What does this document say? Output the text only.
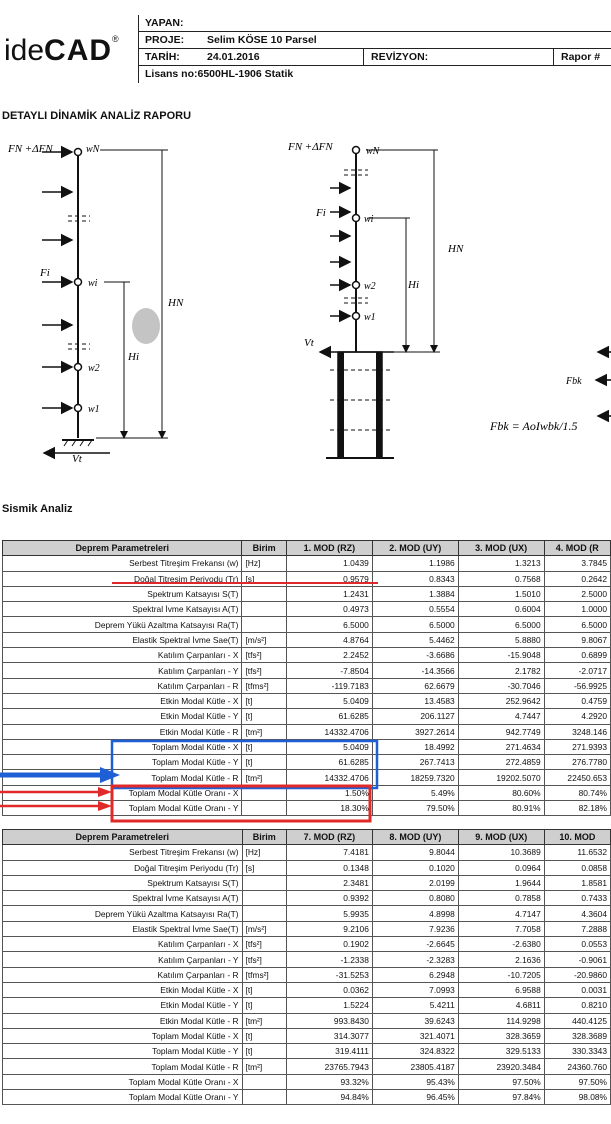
ideCAD®
YAPAN:
PROJE: Selim KÖSE 10 Parsel
TARİH:	24.01.2016	REVİZYON:	Rapor #
Lisans no:6500HL-1906 Statik
DETAYLI DİNAMİK ANALİZ RAPORU
FN +ΔFN	wN
Fi
wi
w2
w1
HN
Hi
Vt
FN +ΔFN	wN
Fi
wi
w2
w1
HN
Hi
Vt
Fbk
Fbk = AoIwbk/1.5
Sismik Analiz
Deprem Parametreleri	Birim	1. MOD (RZ)	2. MOD (UY)	3. MOD (UX)	4. MOD (R
Serbest Titreşim Frekansı (w)	[Hz]	1.0439	1.1986	1.3213	3.7845
Doğal Titreşim Periyodu (Tr)	[s]	0.9579	0.8343	0.7568	0.2642
Spektrum Katsayısı S(T)		1.2431	1.3884	1.5010	2.5000
Spektral İvme Katsayısı A(T)		0.4973	0.5554	0.6004	1.0000
Deprem Yükü Azaltma Katsayısı Ra(T)		6.5000	6.5000	6.5000	6.5000
Elastik Spektral İvme Sae(T)	[m/s²]	4.8764	5.4462	5.8880	9.8067
Katılım Çarpanları - X	[tfs²]	2.2452	-3.6686	-15.9048	0.6899
Katılım Çarpanları - Y	[tfs²]	-7.8504	-14.3566	2.1782	-2.0717
Katılım Çarpanları - R	[tfms²]	-119.7183	62.6679	-30.7046	-56.9925
Etkin Modal Kütle - X	[t]	5.0409	13.4583	252.9642	0.4759
Etkin Modal Kütle - Y	[t]	61.6285	206.1127	4.7447	4.2920
Etkin Modal Kütle - R	[tm²]	14332.4706	3927.2614	942.7749	3248.146
Toplam Modal Kütle - X	[t]	5.0409	18.4992	271.4634	271.9393
Toplam Modal Kütle - Y	[t]	61.6285	267.7413	272.4859	276.7780
Toplam Modal Kütle - R	[tm²]	14332.4706	18259.7320	19202.5070	22450.653
Toplam Modal Kütle Oranı - X		1.50%	5.49%	80.60%	80.74%
Toplam Modal Kütle Oranı - Y		18.30%	79.50%	80.91%	82.18%
Deprem Parametreleri	Birim	7. MOD (RZ)	8. MOD (UY)	9. MOD (UX)	10. MOD
Serbest Titreşim Frekansı (w)	[Hz]	7.4181	9.8044	10.3689	11.6532
Doğal Titreşim Periyodu (Tr)	[s]	0.1348	0.1020	0.0964	0.0858
Spektrum Katsayısı S(T)		2.3481	2.0199	1.9644	1.8581
Spektral İvme Katsayısı A(T)		0.9392	0.8080	0.7858	0.7433
Deprem Yükü Azaltma Katsayısı Ra(T)		5.9935	4.8998	4.7147	4.3604
Elastik Spektral İvme Sae(T)	[m/s²]	9.2106	7.9236	7.7058	7.2888
Katılım Çarpanları - X	[tfs²]	0.1902	-2.6645	-2.6380	0.0553
Katılım Çarpanları - Y	[tfs²]	-1.2338	-2.3283	2.1636	-0.9061
Katılım Çarpanları - R	[tfms²]	-31.5253	6.2948	-10.7205	-20.9860
Etkin Modal Kütle - X	[t]	0.0362	7.0993	6.9588	0.0031
Etkin Modal Kütle - Y	[t]	1.5224	5.4211	4.6811	0.8210
Etkin Modal Kütle - R	[tm²]	993.8430	39.6243	114.9298	440.4125
Toplam Modal Kütle - X	[t]	314.3077	321.4071	328.3659	328.3689
Toplam Modal Kütle - Y	[t]	319.4111	324.8322	329.5133	330.3343
Toplam Modal Kütle - R	[tm²]	23765.7943	23805.4187	23920.3484	24360.760
Toplam Modal Kütle Oranı - X		93.32%	95.43%	97.50%	97.50%
Toplam Modal Kütle Oranı - Y		94.84%	96.45%	97.84%	98.08%
